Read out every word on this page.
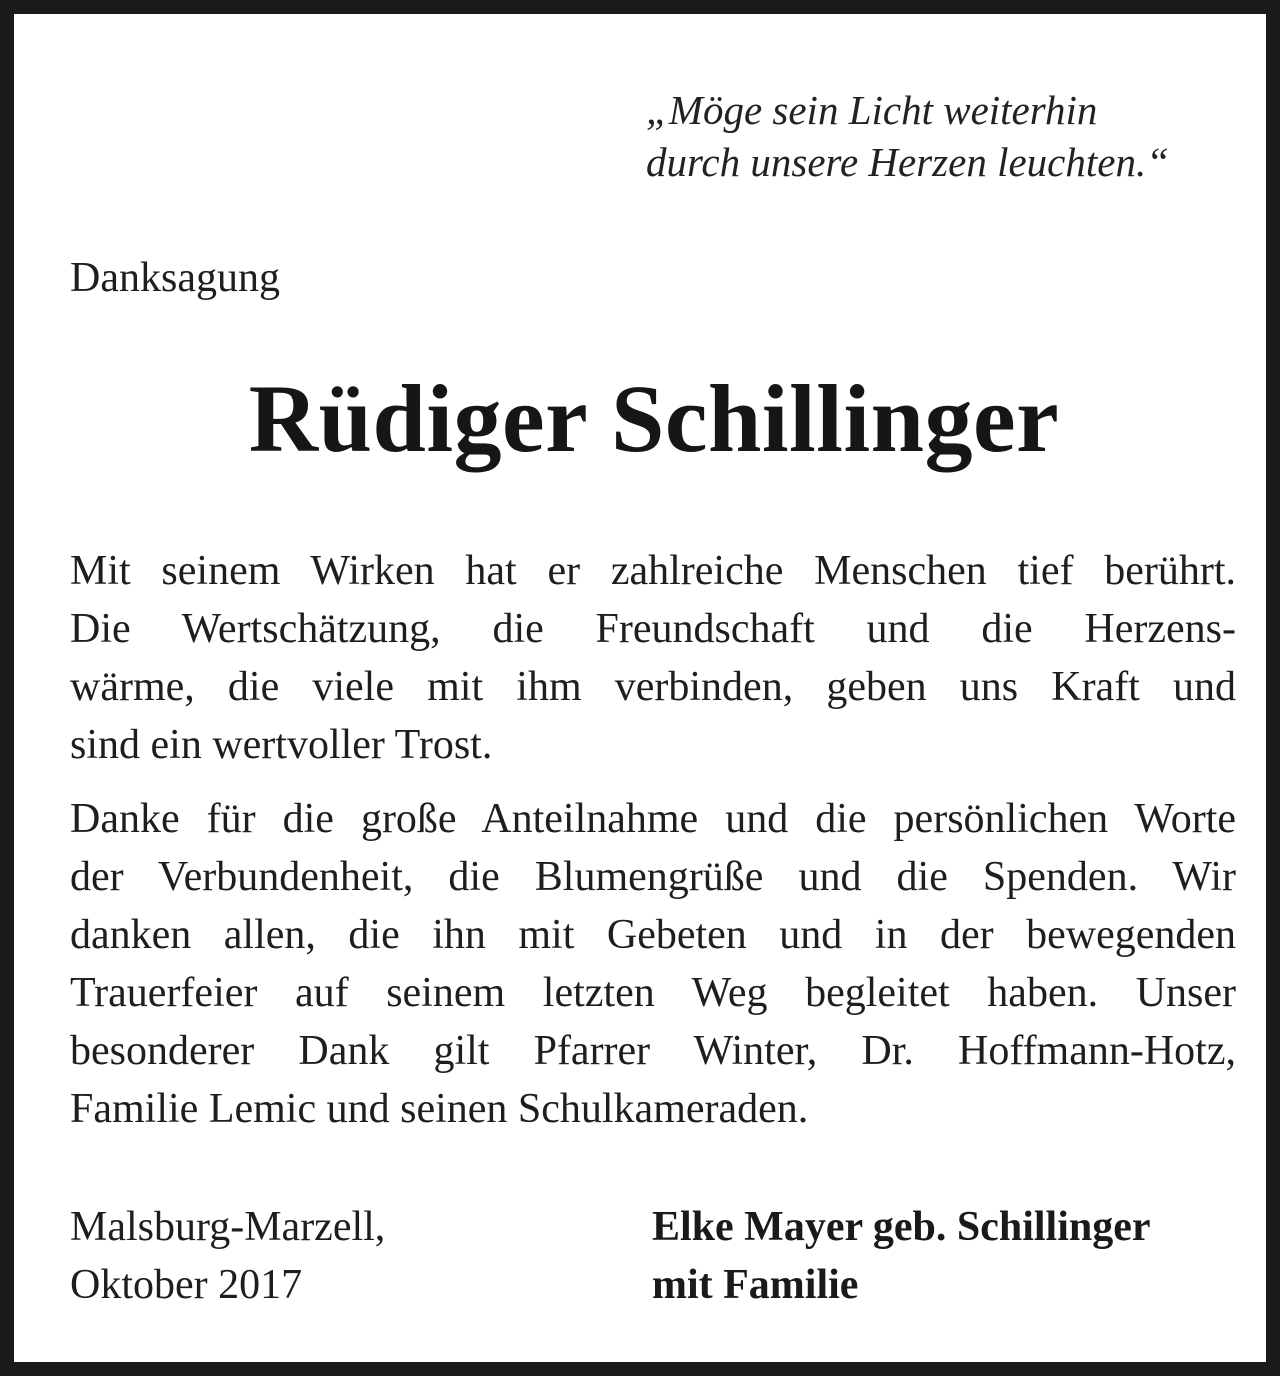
„Möge sein Licht weiterhin
durch unsere Herzen leuchten.“
Danksagung
Rüdiger Schillinger
Mit seinem Wirken hat er zahlreiche Menschen tief berührt.
Die Wertschätzung, die Freundschaft und die Herzens-
wärme, die viele mit ihm verbinden, geben uns Kraft und
sind ein wertvoller Trost.
Danke für die große Anteilnahme und die persönlichen Worte
der Verbundenheit, die Blumengrüße und die Spenden. Wir
danken allen, die ihn mit Gebeten und in der bewegenden
Trauerfeier auf seinem letzten Weg begleitet haben. Unser
besonderer Dank gilt Pfarrer Winter, Dr. Hoffmann-Hotz,
Familie Lemic und seinen Schulkameraden.
Malsburg-Marzell,
Oktober 2017
Elke Mayer geb. Schillinger
mit Familie
